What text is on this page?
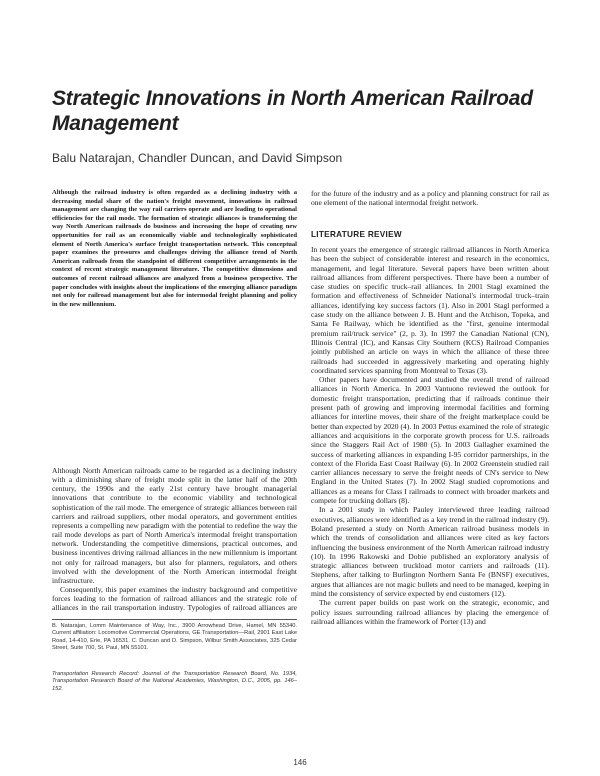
Strategic Innovations in North American Railroad Management
Balu Natarajan, Chandler Duncan, and David Simpson

Although the railroad industry is often regarded as a declining industry with a decreasing modal share of the nation's freight movement, innovations in railroad management are changing the way rail carriers operate and are leading to operational efficiencies for the rail mode. The formation of strategic alliances is transforming the way North American railroads do business and increasing the hope of creating new opportunities for rail as an economically viable and technologically sophisticated element of North America's surface freight transportation network. This conceptual paper examines the pressures and challenges driving the alliance trend of North American railroads from the standpoint of different competitive arrangements in the context of recent strategic management literature. The competitive dimensions and outcomes of recent railroad alliances are analyzed from a business perspective. The paper concludes with insights about the implications of the emerging alliance paradigm not only for railroad management but also for intermodal freight planning and policy in the new millennium.

Although North American railroads came to be regarded as a declining industry with a diminishing share of freight mode split in the latter half of the 20th century, the 1990s and the early 21st century have brought managerial innovations that contribute to the economic viability and technological sophistication of the rail mode. The emergence of strategic alliances between rail carriers and railroad suppliers, other modal operators, and government entities represents a compelling new paradigm with the potential to redefine the way the rail mode develops as part of North America's intermodal freight transportation network. Understanding the competitive dimensions, practical outcomes, and business incentives driving railroad alliances in the new millennium is important not only for railroad managers, but also for planners, regulators, and others involved with the development of the North American intermodal freight infrastructure.

Consequently, this paper examines the industry background and competitive forces leading to the formation of railroad alliances and the strategic role of alliances in the rail transportation industry. Typologies of railroad alliances are

B. Natarajan, Lomm Maintenance of Way, Inc., 3900 Arrowhead Drive, Hamel, MN 55340. Current affiliation: Locomotive Commercial Operations, GE Transportation—Rail, 2901 East Lake Road, 14-410, Erie, PA 16531. C. Duncan and D. Simpson, Wilbur Smith Associates, 325 Cedar Street, Suite 700, St. Paul, MN 55101.

Transportation Research Record: Journal of the Transportation Research Board, No. 1934, Transportation Research Board of the National Academies, Washington, D.C., 2005, pp. 146–152.

for the future of the industry and as a policy and planning construct for rail as one element of the national intermodal freight network.

LITERATURE REVIEW

In recent years the emergence of strategic railroad alliances in North America has been the subject of considerable interest and research in the economics, management, and legal literature. Several papers have been written about railroad alliances from different perspectives. There have been a number of case studies on specific truck–rail alliances. In 2001 Stagl examined the formation and effectiveness of Schneider National's intermodal truck–train alliances, identifying key success factors (1). Also in 2001 Stagl performed a case study on the alliance between J. B. Hunt and the Atchison, Topeka, and Santa Fe Railway, which he identified as the "first, genuine intermodal premium rail/truck service" (2, p. 3). In 1997 the Canadian National (CN), Illinois Central (IC), and Kansas City Southern (KCS) Railroad Companies jointly published an article on ways in which the alliance of these three railroads had succeeded in aggressively marketing and operating highly coordinated services spanning from Montreal to Texas (3).

Other papers have documented and studied the overall trend of railroad alliances in North America. In 2003 Vantuono reviewed the outlook for domestic freight transportation, predicting that if railroads continue their present path of growing and improving intermodal facilities and forming alliances for interline moves, their share of the freight marketplace could be better than expected by 2020 (4). In 2003 Pettus examined the role of strategic alliances and acquisitions in the corporate growth process for U.S. railroads since the Staggers Rail Act of 1980 (5). In 2003 Gallagher examined the success of marketing alliances in expanding I-95 corridor partnerships, in the context of the Florida East Coast Railway (6). In 2002 Greenstein studied rail carrier alliances necessary to serve the freight needs of CN's service to New England in the United States (7). In 2002 Stagl studied copromotions and alliances as a means for Class I railroads to connect with broader markets and compete for trucking dollars (8).

In a 2001 study in which Pauley interviewed three leading railroad executives, alliances were identified as a key trend in the railroad industry (9). Boland presented a study on North American railroad business models in which the trends of consolidation and alliances were cited as key factors influencing the business environment of the North American railroad industry (10). In 1996 Rakowski and Dobie published an exploratory analysis of strategic alliances between truckload motor carriers and railroads (11). Stephens, after talking to Burlington Northern Santa Fe (BNSF) executives, argues that alliances are not magic bullets and need to be managed, keeping in mind the consistency of service expected by end customers (12).

The current paper builds on past work on the strategic, economic, and policy issues surrounding railroad alliances by placing the emergence of railroad alliances within the framework of Porter (13) and

146
